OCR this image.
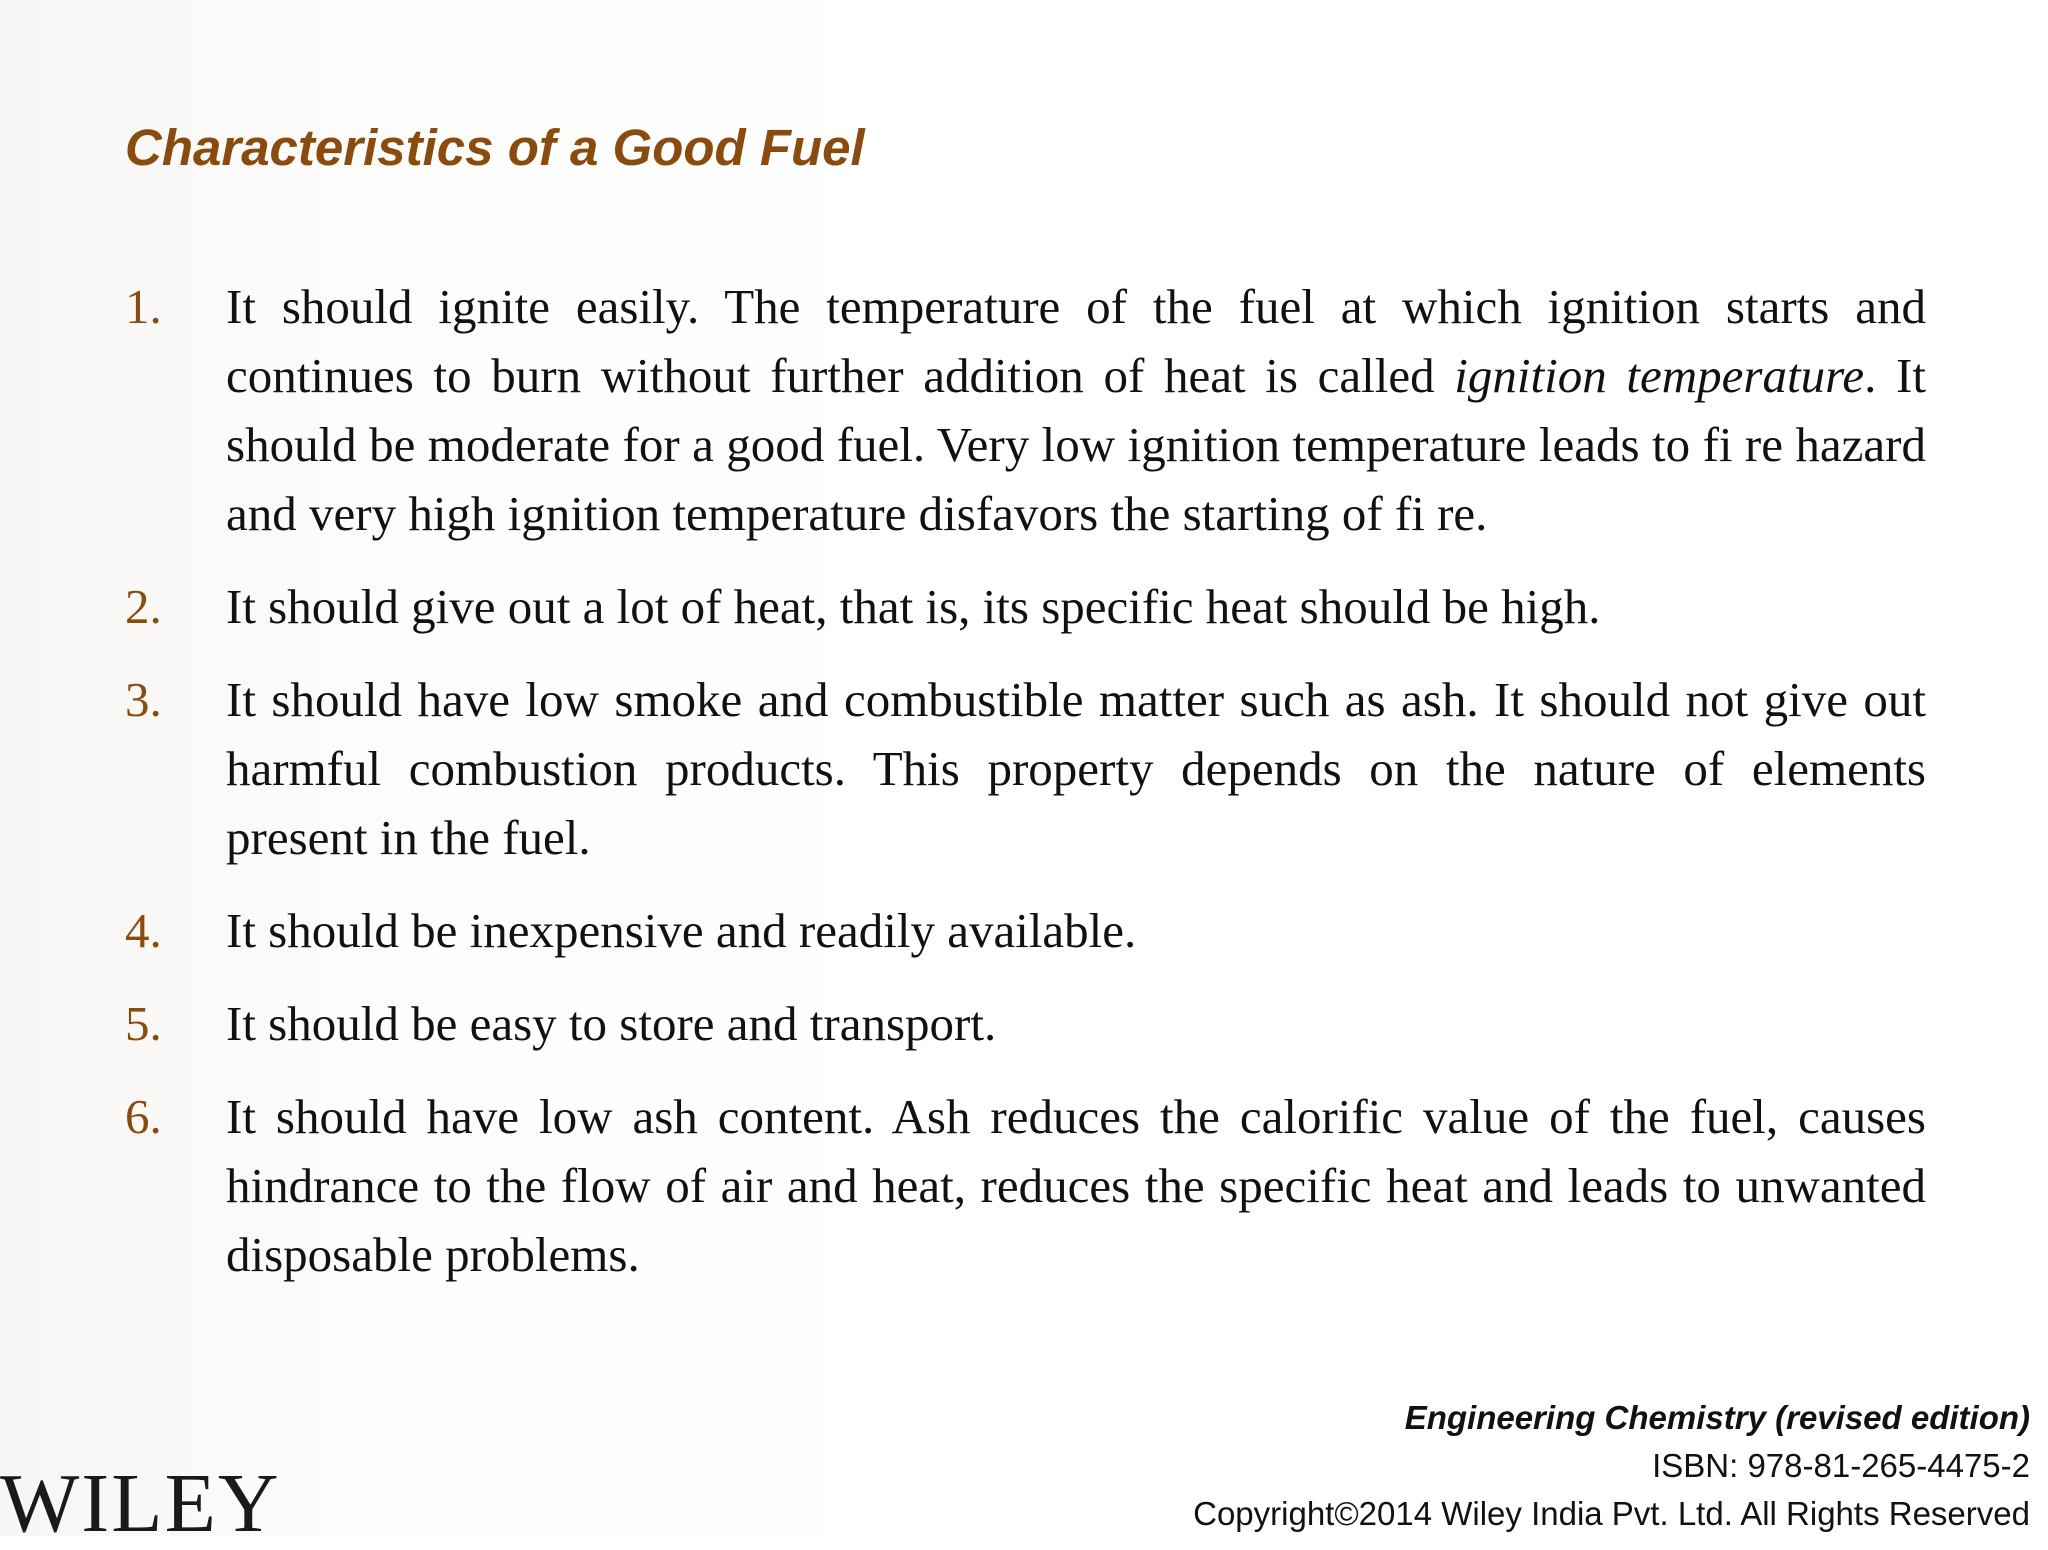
Characteristics of a Good Fuel
1. It should ignite easily. The temperature of the fuel at which ignition starts and continues to burn without further addition of heat is called ignition temperature. It should be moderate for a good fuel. Very low ignition temperature leads to fi re hazard and very high ignition temperature disfavors the starting of fi re.
2. It should give out a lot of heat, that is, its specific heat should be high.
3. It should have low smoke and combustible matter such as ash. It should not give out harmful combustion products. This property depends on the nature of elements present in the fuel.
4. It should be inexpensive and readily available.
5. It should be easy to store and transport.
6. It should have low ash content. Ash reduces the calorific value of the fuel, causes hindrance to the flow of air and heat, reduces the specific heat and leads to unwanted disposable problems.
WILEY
Engineering Chemistry (revised edition)
ISBN: 978-81-265-4475-2
Copyright©2014 Wiley India Pvt. Ltd. All Rights Reserved
